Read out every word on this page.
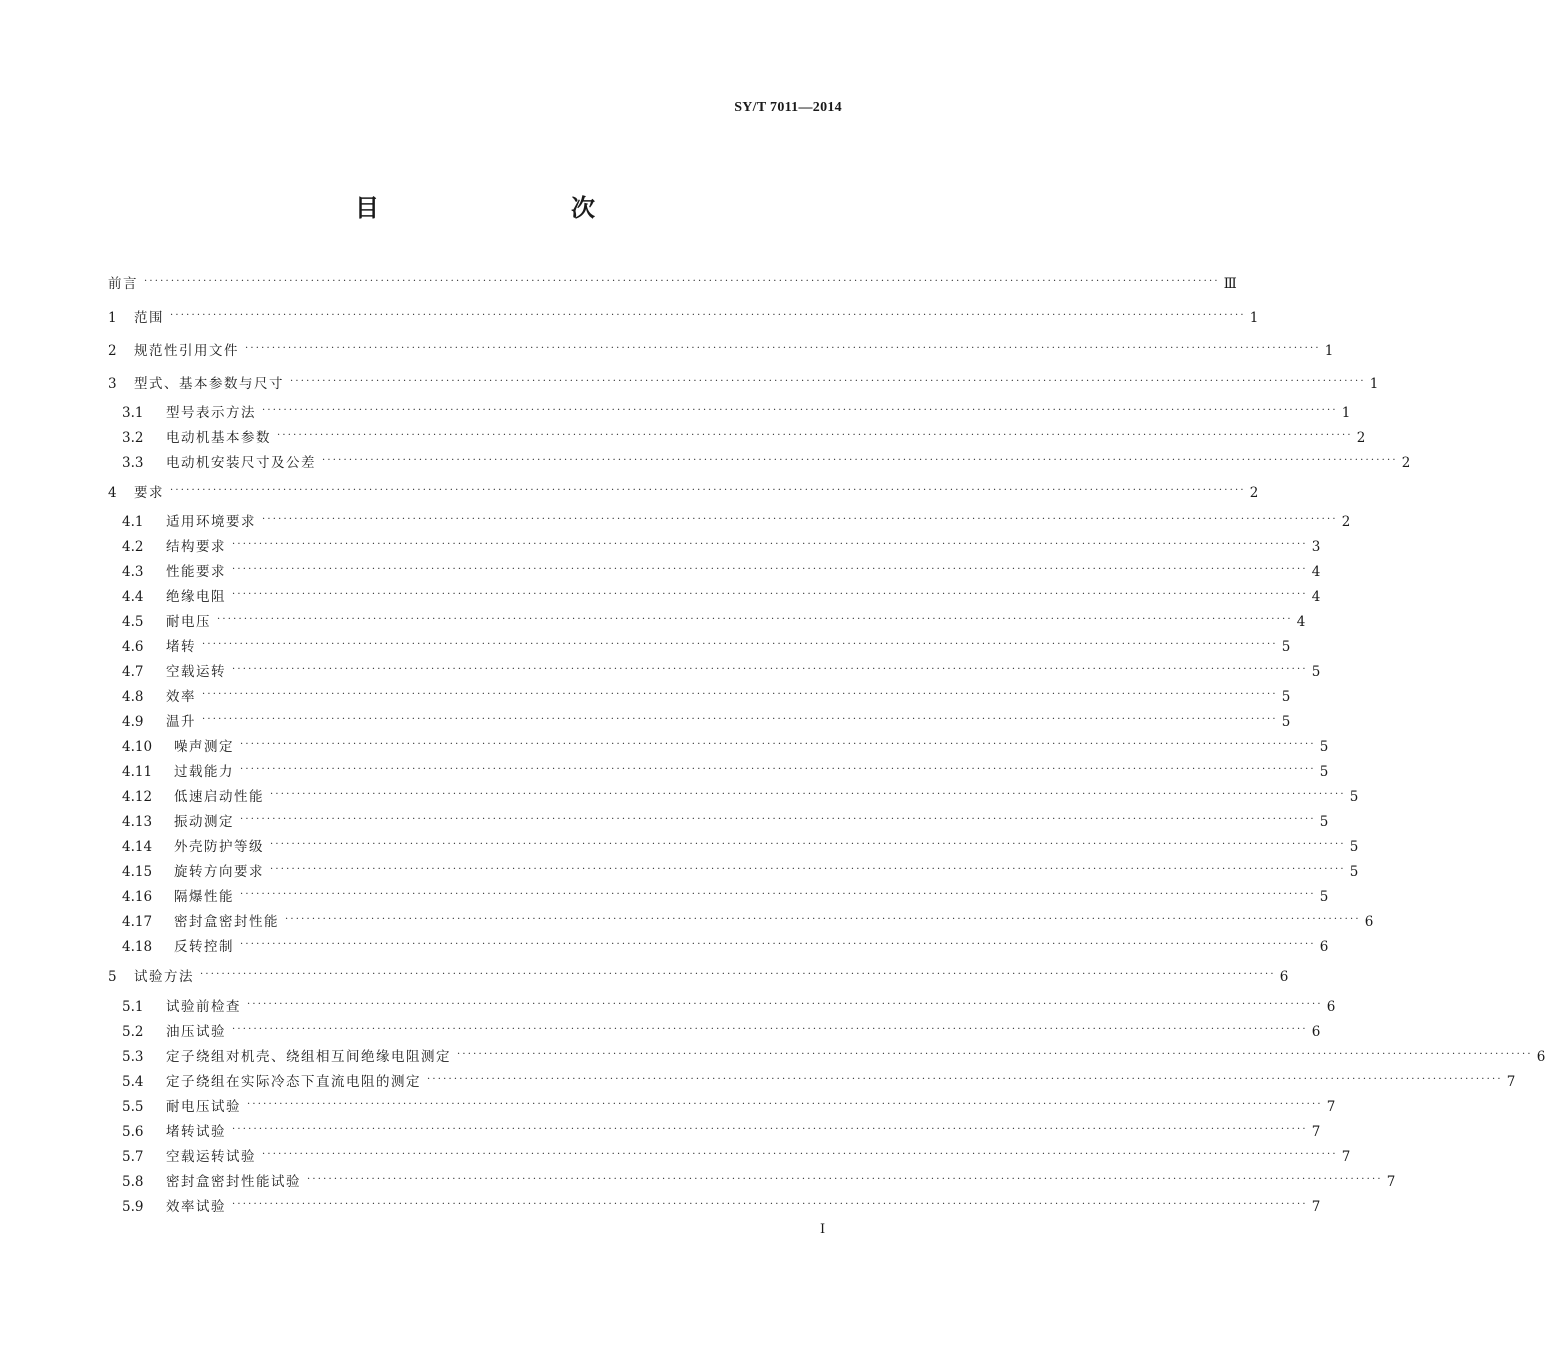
SY/T 7011—2014
目　　次
前言 ········································································································································································································ Ⅲ
1	范围 ········································································································································································································ 1
2	规范性引用文件 ········································································································································································································ 1
3	型式、基本参数与尺寸 ········································································································································································································ 1
3.1	型号表示方法 ········································································································································································································ 1
3.2	电动机基本参数 ········································································································································································································ 2
3.3	电动机安装尺寸及公差 ········································································································································································································ 2
4	要求 ········································································································································································································ 2
4.1	适用环境要求 ········································································································································································································ 2
4.2	结构要求 ········································································································································································································ 3
4.3	性能要求 ········································································································································································································ 4
4.4	绝缘电阻 ········································································································································································································ 4
4.5	耐电压 ········································································································································································································ 4
4.6	堵转 ········································································································································································································ 5
4.7	空载运转 ········································································································································································································ 5
4.8	效率 ········································································································································································································ 5
4.9	温升 ········································································································································································································ 5
4.10	噪声测定 ········································································································································································································ 5
4.11	过载能力 ········································································································································································································ 5
4.12	低速启动性能 ········································································································································································································ 5
4.13	振动测定 ········································································································································································································ 5
4.14	外壳防护等级 ········································································································································································································ 5
4.15	旋转方向要求 ········································································································································································································ 5
4.16	隔爆性能 ········································································································································································································ 5
4.17	密封盒密封性能 ········································································································································································································ 6
4.18	反转控制 ········································································································································································································ 6
5	试验方法 ········································································································································································································ 6
5.1	试验前检查 ········································································································································································································ 6
5.2	油压试验 ········································································································································································································ 6
5.3	定子绕组对机壳、绕组相互间绝缘电阻测定 ········································································································································································································ 6
5.4	定子绕组在实际冷态下直流电阻的测定 ········································································································································································································ 7
5.5	耐电压试验 ········································································································································································································ 7
5.6	堵转试验 ········································································································································································································ 7
5.7	空载运转试验 ········································································································································································································ 7
5.8	密封盒密封性能试验 ········································································································································································································ 7
5.9	效率试验 ········································································································································································································ 7
Ⅰ
